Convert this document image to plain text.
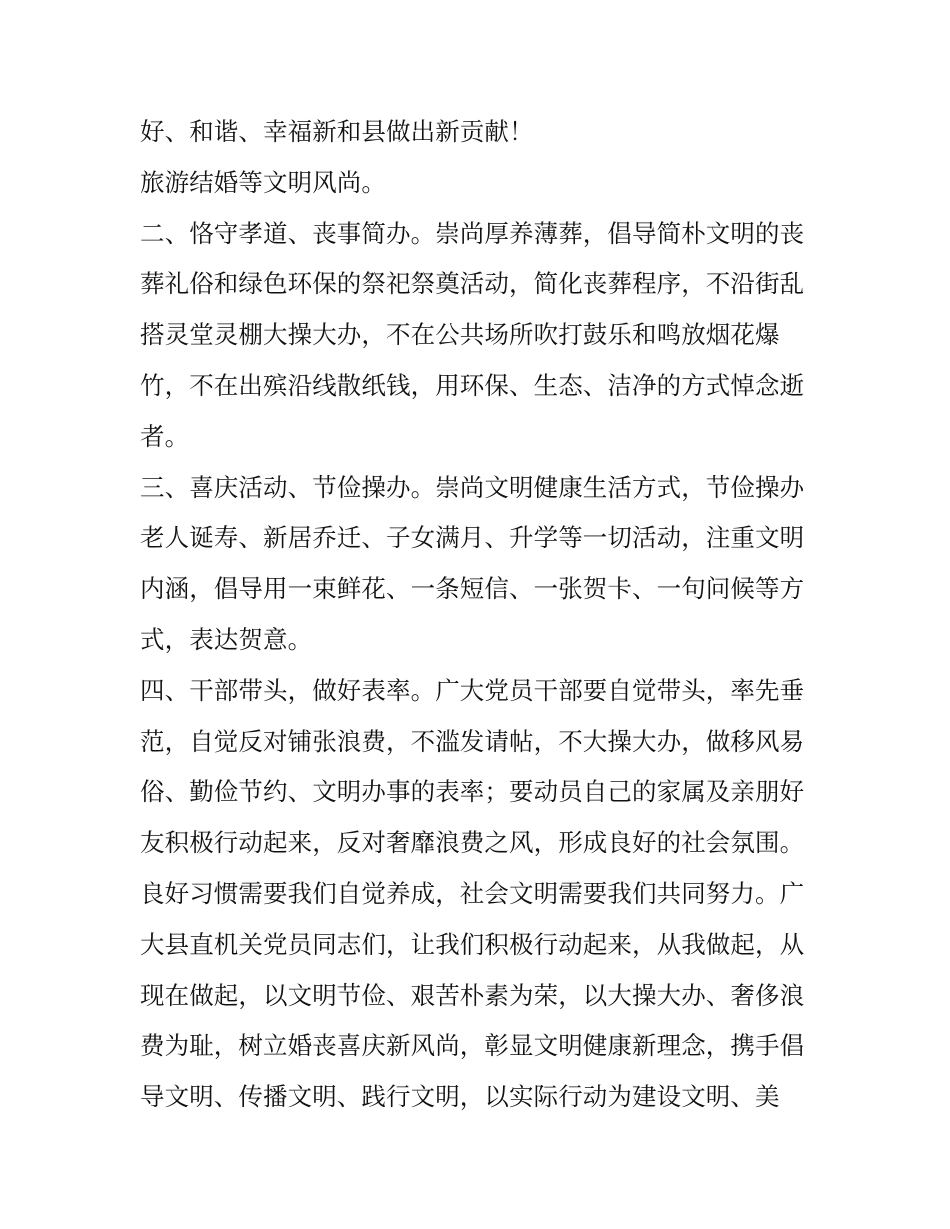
好、和谐、幸福新和县做出新贡献！
旅游结婚等文明风尚。
二、恪守孝道、丧事简办。崇尚厚养薄葬，倡导简朴文明的丧
葬礼俗和绿色环保的祭祀祭奠活动，简化丧葬程序，不沿街乱
搭灵堂灵棚大操大办，不在公共场所吹打鼓乐和鸣放烟花爆
竹，不在出殡沿线散纸钱，用环保、生态、洁净的方式悼念逝
者。
三、喜庆活动、节俭操办。崇尚文明健康生活方式，节俭操办
老人诞寿、新居乔迁、子女满月、升学等一切活动，注重文明
内涵，倡导用一束鲜花、一条短信、一张贺卡、一句问候等方
式，表达贺意。
四、干部带头，做好表率。广大党员干部要自觉带头，率先垂
范，自觉反对铺张浪费，不滥发请帖，不大操大办，做移风易
俗、勤俭节约、文明办事的表率；要动员自己的家属及亲朋好
友积极行动起来，反对奢靡浪费之风，形成良好的社会氛围。
良好习惯需要我们自觉养成，社会文明需要我们共同努力。广
大县直机关党员同志们，让我们积极行动起来，从我做起，从
现在做起，以文明节俭、艰苦朴素为荣，以大操大办、奢侈浪
费为耻，树立婚丧喜庆新风尚，彰显文明健康新理念，携手倡
导文明、传播文明、践行文明，以实际行动为建设文明、美
